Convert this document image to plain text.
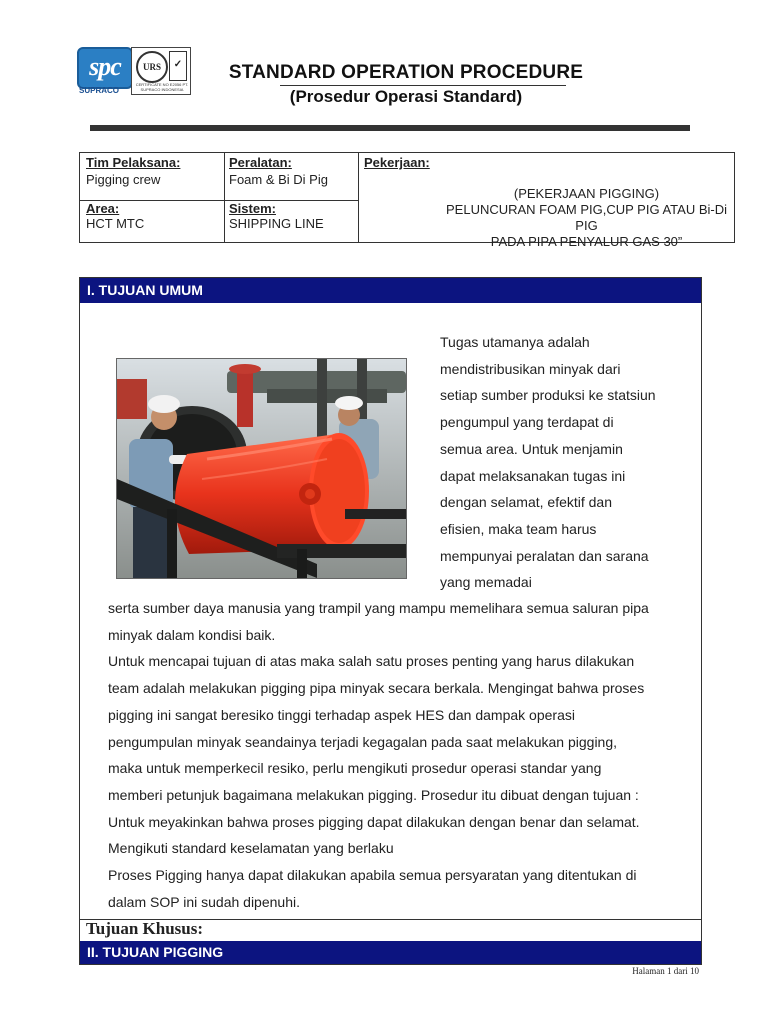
spc
SUPRACO
URS	✓
CERTIFICATE NO E2056 PT. SUPRACO INDONESIA
STANDARD OPERATION PROCEDURE
(Prosedur Operasi Standard)
Tim Pelaksana:
Pigging crew
Peralatan:
Foam & Bi Di Pig
Pekerjaan:
(PEKERJAAN PIGGING)
PELUNCURAN FOAM PIG,CUP PIG ATAU Bi-Di PIG
PADA PIPA PENYALUR GAS 30”
Area:
HCT MTC
Sistem:
SHIPPING LINE
I. TUJUAN UMUM
Tugas utamanya adalah
mendistribusikan minyak dari
setiap sumber produksi ke statsiun
pengumpul yang terdapat di
semua area. Untuk menjamin
dapat melaksanakan tugas ini
dengan selamat, efektif dan
efisien, maka team harus
mempunyai peralatan dan sarana
yang memadai

serta sumber daya manusia yang trampil yang mampu memelihara semua saluran pipa

minyak dalam kondisi baik.

Untuk mencapai tujuan di atas maka salah satu proses penting yang harus dilakukan

team adalah melakukan pigging pipa minyak secara berkala. Mengingat bahwa proses

pigging ini sangat beresiko tinggi terhadap aspek HES dan dampak operasi

pengumpulan minyak seandainya terjadi kegagalan pada saat melakukan pigging,

maka untuk memperkecil resiko, perlu mengikuti prosedur operasi standar yang

memberi petunjuk bagaimana melakukan pigging. Prosedur itu dibuat dengan tujuan :

Untuk meyakinkan bahwa proses pigging dapat dilakukan dengan benar dan selamat.

Mengikuti standard keselamatan yang berlaku

Proses Pigging hanya dapat dilakukan apabila semua persyaratan yang ditentukan di

dalam SOP ini sudah dipenuhi.

Tujuan Khusus:
II. TUJUAN PIGGING
Halaman 1 dari 10
